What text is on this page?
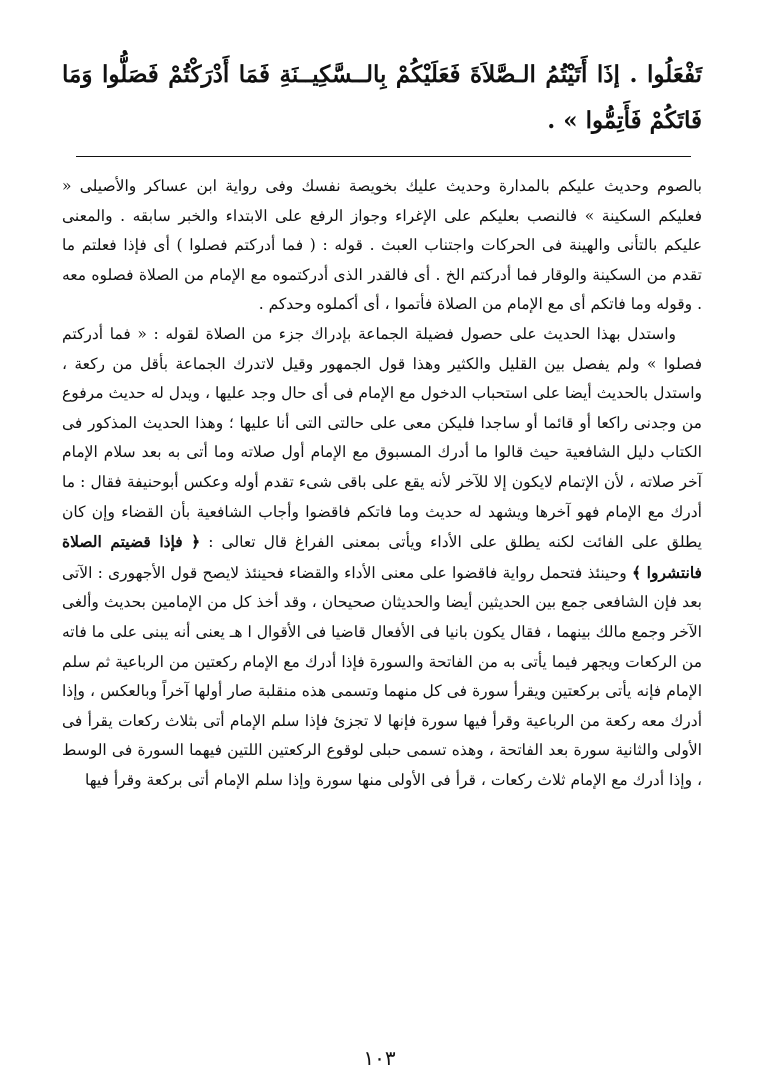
تَفْعَلُوا . إذَا أَتَيْتُمُ الـصَّلاَةَ فَعَلَيْكُمْ بِالــسَّكِيــنَةِ فَمَا أَدْرَكْتُمْ فَصَلُّوا وَمَا فَاتَكُمْ فَأَتِمُّوا » .

بالصوم وحديث عليكم بالمدارة وحديث عليك بخويصة نفسك وفى رواية ابن عساكر والأصيلى « فعليكم السكينة » فالنصب بعليكم على الإغراء وجواز الرفع على الابتداء والخبر سابقه . والمعنى عليكم بالتأنى والهينة فى الحركات واجتناب العبث . قوله : ( فما أدركتم فصلوا ) أى فإذا فعلتم ما تقدم من السكينة والوقار فما أدركتم الخ . أى فالقدر الذى أدركتموه مع الإمام من الصلاة فصلوه معه . وقوله وما فاتكم أى مع الإمام من الصلاة فأتموا ، أى أكملوه وحدكم .

واستدل بهذا الحديث على حصول فضيلة الجماعة بإدراك جزء من الصلاة لقوله : « فما أدركتم فصلوا » ولم يفصل بين القليل والكثير وهذا قول الجمهور وقيل لاتدرك الجماعة بأقل من ركعة ، واستدل بالحديث أيضا على استحباب الدخول مع الإمام فى أى حال وجد عليها ، ويدل له حديث مرفوع من وجدنى راكعا أو قائما أو ساجدا فليكن معى على حالتى التى أنا عليها ؛ وهذا الحديث المذكور فى الكتاب دليل الشافعية حيث قالوا ما أدرك المسبوق مع الإمام أول صلاته وما أتى به بعد سلام الإمام آخر صلاته ، لأن الإتمام لايكون إلا للآخر لأنه يقع على باقى شىء تقدم أوله وعكس أبوحنيفة فقال : ما أدرك مع الإمام فهو آخرها ويشهد له حديث وما فاتكم فاقضوا وأجاب الشافعية بأن القضاء وإن كان يطلق على الفائت لكنه يطلق على الأداء ويأتى بمعنى الفراغ قال تعالى : ﴿ فإذا قضيتم الصلاة فانتشروا ﴾ وحينئذ فتحمل رواية فاقضوا على معنى الأداء والقضاء فحينئذ لايصح قول الأجهورى : الآتى بعد فإن الشافعى جمع بين الحديثين أيضا والحديثان صحيحان ، وقد أخذ كل من الإمامين بحديث وألغى الآخر وجمع مالك بينهما ، فقال يكون بانيا فى الأفعال قاضيا فى الأقوال ا هـ يعنى أنه يبنى على ما فاته من الركعات ويجهر فيما يأتى به من الفاتحة والسورة فإذا أدرك مع الإمام ركعتين من الرباعية ثم سلم الإمام فإنه يأتى بركعتين ويقرأ سورة فى كل منهما وتسمى هذه منقلبة صار أولها آخراً وبالعكس ، وإذا أدرك معه ركعة من الرباعية وقرأ فيها سورة فإنها لا تجزئ فإذا سلم الإمام أتى بثلاث ركعات يقرأ فى الأولى والثانية سورة بعد الفاتحة ، وهذه تسمى حبلى لوقوع الركعتين اللتين فيهما السورة فى الوسط ، وإذا أدرك مع الإمام ثلاث ركعات ، قرأ فى الأولى منها سورة وإذا سلم الإمام أتى بركعة وقرأ فيها

١٠٣
